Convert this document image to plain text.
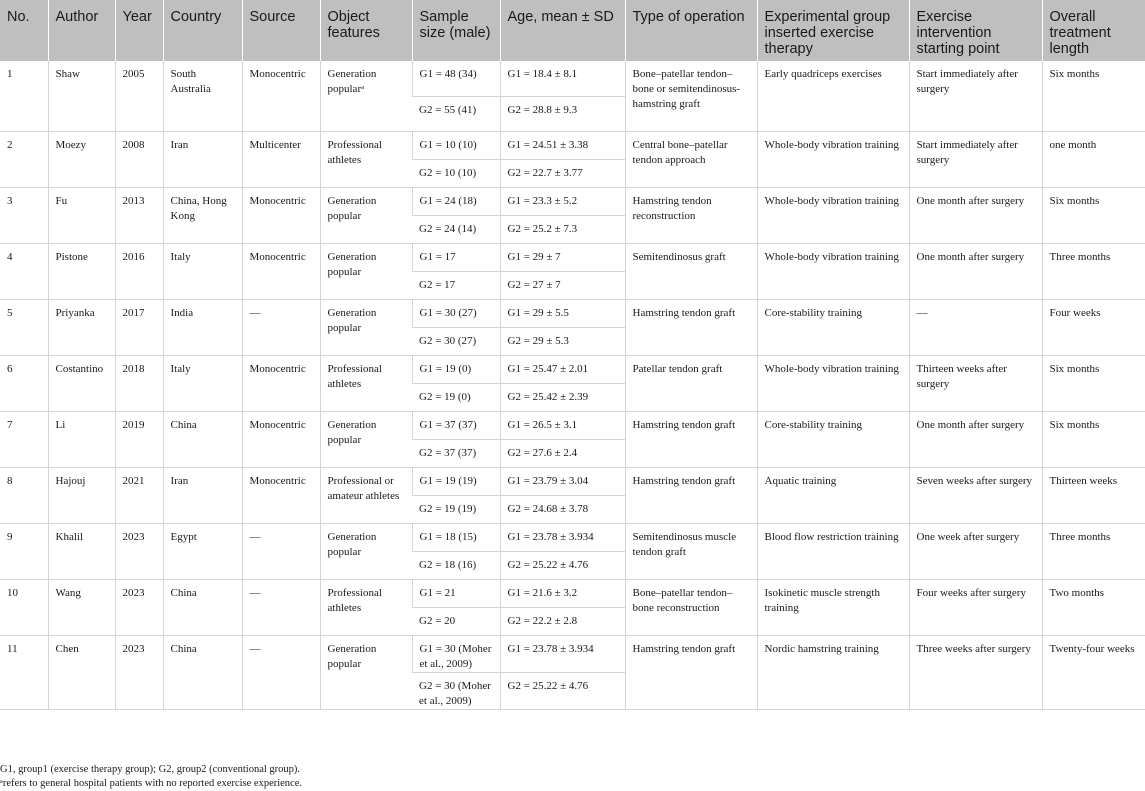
No.	Author	Year	Country	Source	Object features	Sample size (male)	Age, mean ± SD	Type of operation	Experimental group inserted exercise therapy	Exercise intervention starting point	Overall treatment length
1	Shaw	2005	South Australia	Monocentric	Generation popularᵃ	G1 = 48 (34)	G1 = 18.4 ± 8.1	Bone–patellar tendon–bone or semitendinosus-hamstring graft	Early quadriceps exercises	Start immediately after surgery	Six months
						G2 = 55 (41)	G2 = 28.8 ± 9.3				
2	Moezy	2008	Iran	Multicenter	Professional athletes	G1 = 10 (10)	G1 = 24.51 ± 3.38	Central bone–patellar tendon approach	Whole-body vibration training	Start immediately after surgery	one month
						G2 = 10 (10)	G2 = 22.7 ± 3.77				
3	Fu	2013	China, Hong Kong	Monocentric	Generation popular	G1 = 24 (18)	G1 = 23.3 ± 5.2	Hamstring tendon reconstruction	Whole-body vibration training	One month after surgery	Six months
						G2 = 24 (14)	G2 = 25.2 ± 7.3				
4	Pistone	2016	Italy	Monocentric	Generation popular	G1 = 17	G1 = 29 ± 7	Semitendinosus graft	Whole-body vibration training	One month after surgery	Three months
						G2 = 17	G2 = 27 ± 7				
5	Priyanka	2017	India	—	Generation popular	G1 = 30 (27)	G1 = 29 ± 5.5	Hamstring tendon graft	Core-stability training	—	Four weeks
						G2 = 30 (27)	G2 = 29 ± 5.3				
6	Costantino	2018	Italy	Monocentric	Professional athletes	G1 = 19 (0)	G1 = 25.47 ± 2.01	Patellar tendon graft	Whole-body vibration training	Thirteen weeks after surgery	Six months
						G2 = 19 (0)	G2 = 25.42 ± 2.39				
7	Li	2019	China	Monocentric	Generation popular	G1 = 37 (37)	G1 = 26.5 ± 3.1	Hamstring tendon graft	Core-stability training	One month after surgery	Six months
						G2 = 37 (37)	G2 = 27.6 ± 2.4				
8	Hajouj	2021	Iran	Monocentric	Professional or amateur athletes	G1 = 19 (19)	G1 = 23.79 ± 3.04	Hamstring tendon graft	Aquatic training	Seven weeks after surgery	Thirteen weeks
						G2 = 19 (19)	G2 = 24.68 ± 3.78				
9	Khalil	2023	Egypt	—	Generation popular	G1 = 18 (15)	G1 = 23.78 ± 3.934	Semitendinosus muscle tendon graft	Blood flow restriction training	One week after surgery	Three months
						G2 = 18 (16)	G2 = 25.22 ± 4.76				
10	Wang	2023	China	—	Professional athletes	G1 = 21	G1 = 21.6 ± 3.2	Bone–patellar tendon–bone reconstruction	Isokinetic muscle strength training	Four weeks after surgery	Two months
						G2 = 20	G2 = 22.2 ± 2.8				
11	Chen	2023	China	—	Generation popular	G1 = 30 (Moher et al., 2009)	G1 = 23.78 ± 3.934	Hamstring tendon graft	Nordic hamstring training	Three weeks after surgery	Twenty-four weeks
						G2 = 30 (Moher et al., 2009)	G2 = 25.22 ± 4.76				
G1, group1 (exercise therapy group); G2, group2 (conventional group).
ᵃrefers to general hospital patients with no reported exercise experience.
